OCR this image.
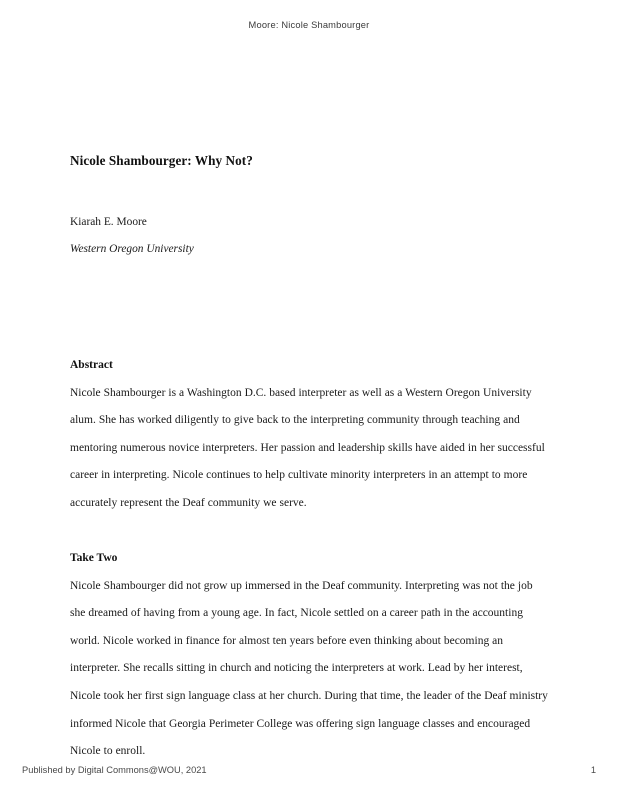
Moore: Nicole Shambourger
Nicole Shambourger: Why Not?
Kiarah E. Moore
Western Oregon University
Abstract

Nicole Shambourger is a Washington D.C. based interpreter as well as a Western Oregon University alum. She has worked diligently to give back to the interpreting community through teaching and mentoring numerous novice interpreters. Her passion and leadership skills have aided in her successful career in interpreting. Nicole continues to help cultivate minority interpreters in an attempt to more accurately represent the Deaf community we serve.

Take Two

Nicole Shambourger did not grow up immersed in the Deaf community. Interpreting was not the job she dreamed of having from a young age. In fact, Nicole settled on a career path in the accounting world. Nicole worked in finance for almost ten years before even thinking about becoming an interpreter. She recalls sitting in church and noticing the interpreters at work. Lead by her interest, Nicole took her first sign language class at her church. During that time, the leader of the Deaf ministry informed Nicole that Georgia Perimeter College was offering sign language classes and encouraged Nicole to enroll.

Published by Digital Commons@WOU, 2021	1
